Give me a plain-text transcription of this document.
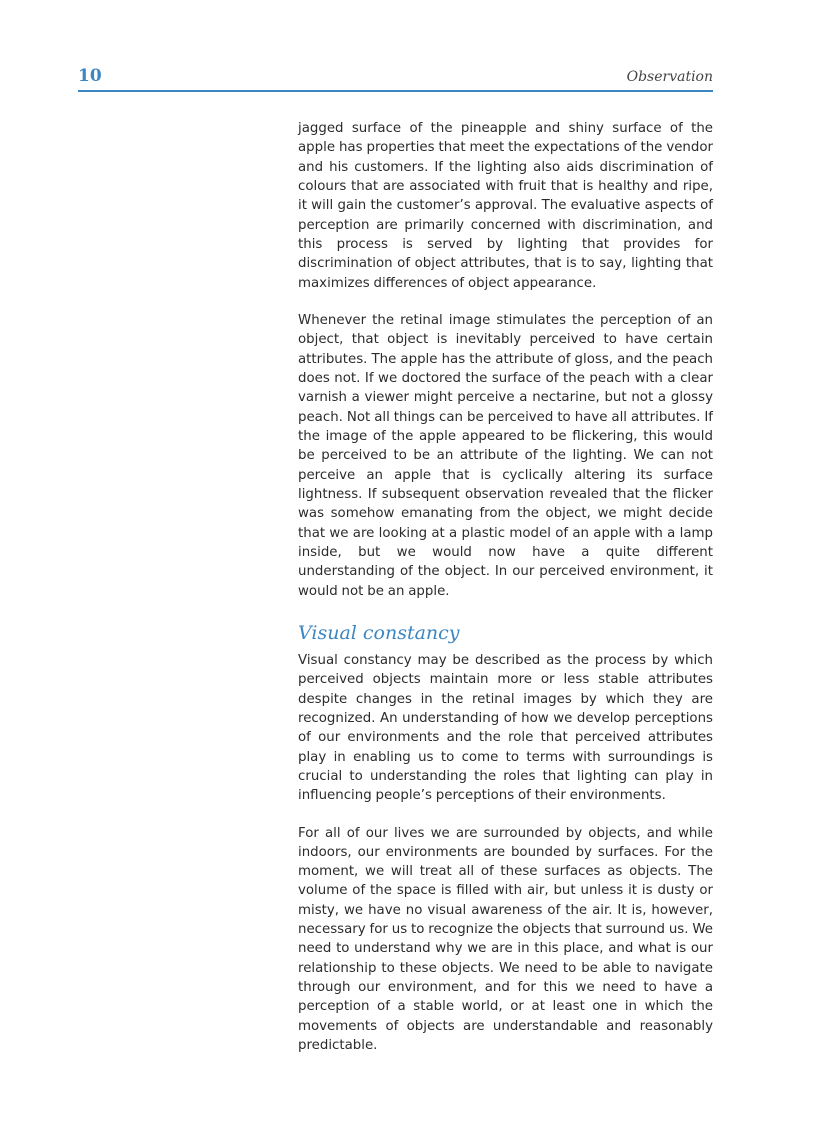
10	Observation

jagged surface of the pineapple and shiny surface of the apple has properties that meet the expectations of the vendor and his customers. If the lighting also aids discrimination of colours that are associated with fruit that is healthy and ripe, it will gain the customer’s approval. The evaluative aspects of perception are primarily concerned with discrimination, and this process is served by lighting that provides for discrimination of object attributes, that is to say, lighting that maximizes differences of object appearance.

Whenever the retinal image stimulates the perception of an object, that object is inevitably perceived to have certain attributes. The apple has the attribute of gloss, and the peach does not. If we doctored the surface of the peach with a clear varnish a viewer might perceive a nectarine, but not a glossy peach. Not all things can be perceived to have all attributes. If the image of the apple appeared to be flickering, this would be perceived to be an attribute of the lighting. We can not perceive an apple that is cyclically altering its surface lightness. If subsequent observation revealed that the flicker was somehow emanating from the object, we might decide that we are looking at a plastic model of an apple with a lamp inside, but we would now have a quite different understanding of the object. In our perceived environment, it would not be an apple.

Visual constancy

Visual constancy may be described as the process by which perceived objects maintain more or less stable attributes despite changes in the retinal images by which they are recognized. An understanding of how we develop perceptions of our environments and the role that perceived attributes play in enabling us to come to terms with surroundings is crucial to understanding the roles that lighting can play in influencing people’s perceptions of their environments.

For all of our lives we are surrounded by objects, and while indoors, our environments are bounded by surfaces. For the moment, we will treat all of these surfaces as objects. The volume of the space is filled with air, but unless it is dusty or misty, we have no visual awareness of the air. It is, however, necessary for us to recognize the objects that surround us. We need to understand why we are in this place, and what is our relationship to these objects. We need to be able to navigate through our environment, and for this we need to have a perception of a stable world, or at least one in which the movements of objects are understandable and reasonably predictable.
